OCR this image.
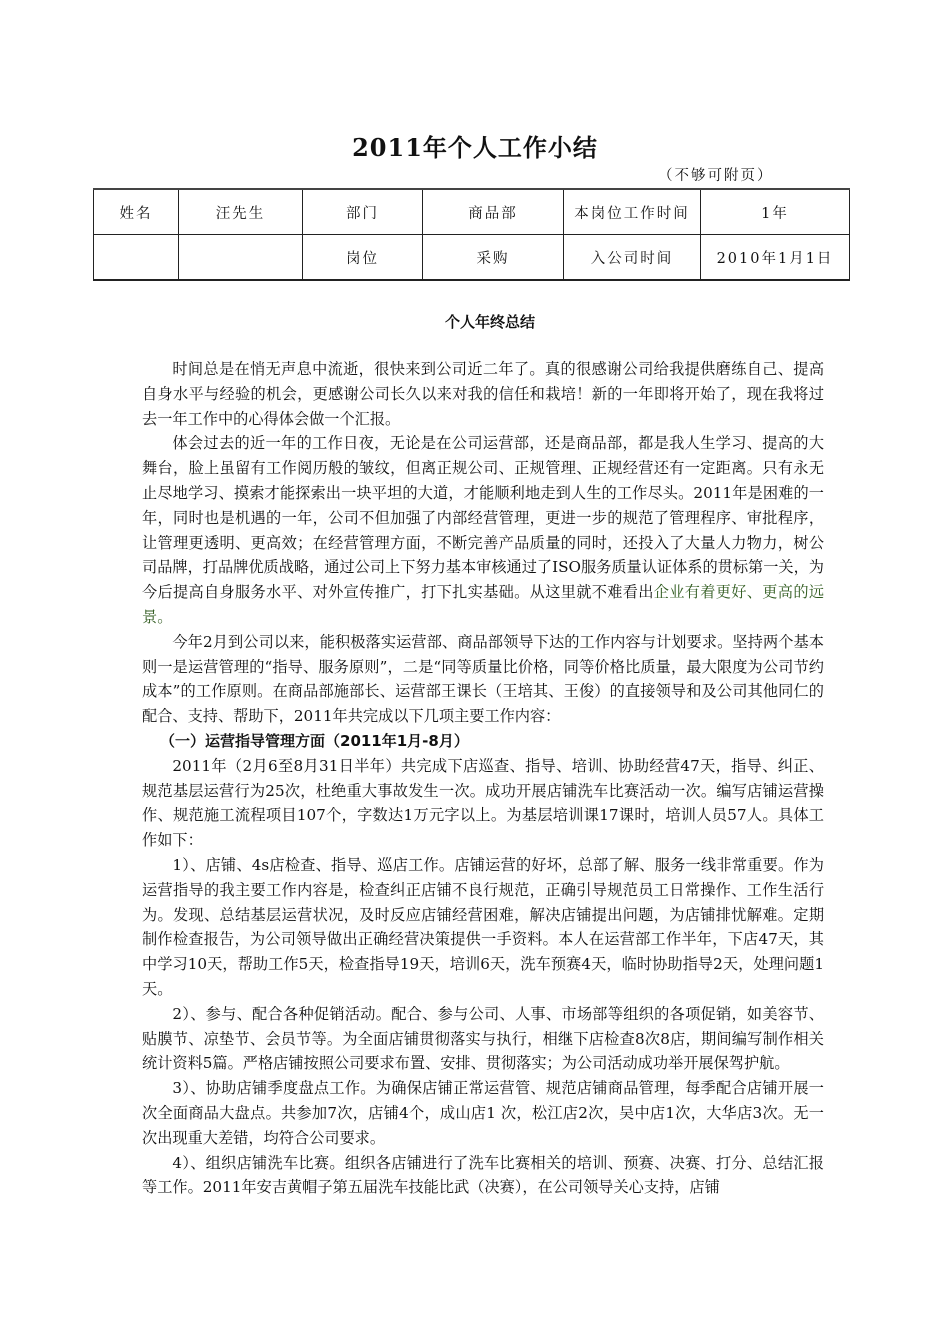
2011年个人工作小结
（不够可附页）
姓名	汪先生	部门	商品部	本岗位工作时间	1年
		岗位	采购	入公司时间	2010年1月1日
个人年终总结

时间总是在悄无声息中流逝，很快来到公司近二年了。真的很感谢公司给我提供磨练自己、提高自身水平与经验的机会，更感谢公司长久以来对我的信任和栽培！新的一年即将开始了，现在我将过去一年工作中的心得体会做一个汇报。

体会过去的近一年的工作日夜，无论是在公司运营部，还是商品部，都是我人生学习、提高的大舞台，脸上虽留有工作阅历般的皱纹，但离正规公司、正规管理、正规经营还有一定距离。只有永无止尽地学习、摸索才能探索出一块平坦的大道，才能顺利地走到人生的工作尽头。2011年是困难的一年，同时也是机遇的一年，公司不但加强了内部经营管理，更进一步的规范了管理程序、审批程序，让管理更透明、更高效；在经营管理方面，不断完善产品质量的同时，还投入了大量人力物力，树公司品牌，打品牌优质战略，通过公司上下努力基本审核通过了ISO服务质量认证体系的贯标第一关，为今后提高自身服务水平、对外宣传推广，打下扎实基础。从这里就不难看出企业有着更好、更高的远景。

今年2月到公司以来，能积极落实运营部、商品部领导下达的工作内容与计划要求。坚持两个基本则一是运营管理的“指导、服务原则”，二是“同等质量比价格，同等价格比质量，最大限度为公司节约成本”的工作原则。在商品部施部长、运营部王课长（王培其、王俊）的直接领导和及公司其他同仁的配合、支持、帮助下，2011年共完成以下几项主要工作内容：

（一）运营指导管理方面（2011年1月-8月）

2011年（2月6至8月31日半年）共完成下店巡查、指导、培训、协助经营47天，指导、纠正、规范基层运营行为25次，杜绝重大事故发生一次。成功开展店铺洗车比赛活动一次。编写店铺运营操作、规范施工流程项目107个，字数达1万元字以上。为基层培训课17课时，培训人员57人。具体工作如下：

1）、店铺、4s店检查、指导、巡店工作。店铺运营的好坏，总部了解、服务一线非常重要。作为运营指导的我主要工作内容是，检查纠正店铺不良行规范，正确引导规范员工日常操作、工作生活行为。发现、总结基层运营状况，及时反应店铺经营困难，解决店铺提出问题，为店铺排忧解难。定期制作检查报告，为公司领导做出正确经营决策提供一手资料。本人在运营部工作半年，下店47天，其中学习10天，帮助工作5天，检查指导19天，培训6天，洗车预赛4天，临时协助指导2天，处理问题1天。

2）、参与、配合各种促销活动。配合、参与公司、人事、市场部等组织的各项促销，如美容节、贴膜节、凉垫节、会员节等。为全面店铺贯彻落实与执行，相继下店检查8次8店，期间编写制作相关统计资料5篇。严格店铺按照公司要求布置、安排、贯彻落实；为公司活动成功举开展保驾护航。

3）、协助店铺季度盘点工作。为确保店铺正常运营管、规范店铺商品管理，每季配合店铺开展一次全面商品大盘点。共参加7次，店铺4个，成山店1 次，松江店2次，吴中店1次，大华店3次。无一次出现重大差错，均符合公司要求。

4）、组织店铺洗车比赛。组织各店铺进行了洗车比赛相关的培训、预赛、决赛、打分、总结汇报等工作。2011年安吉黄帽子第五届洗车技能比武（决赛），在公司领导关心支持，店铺
